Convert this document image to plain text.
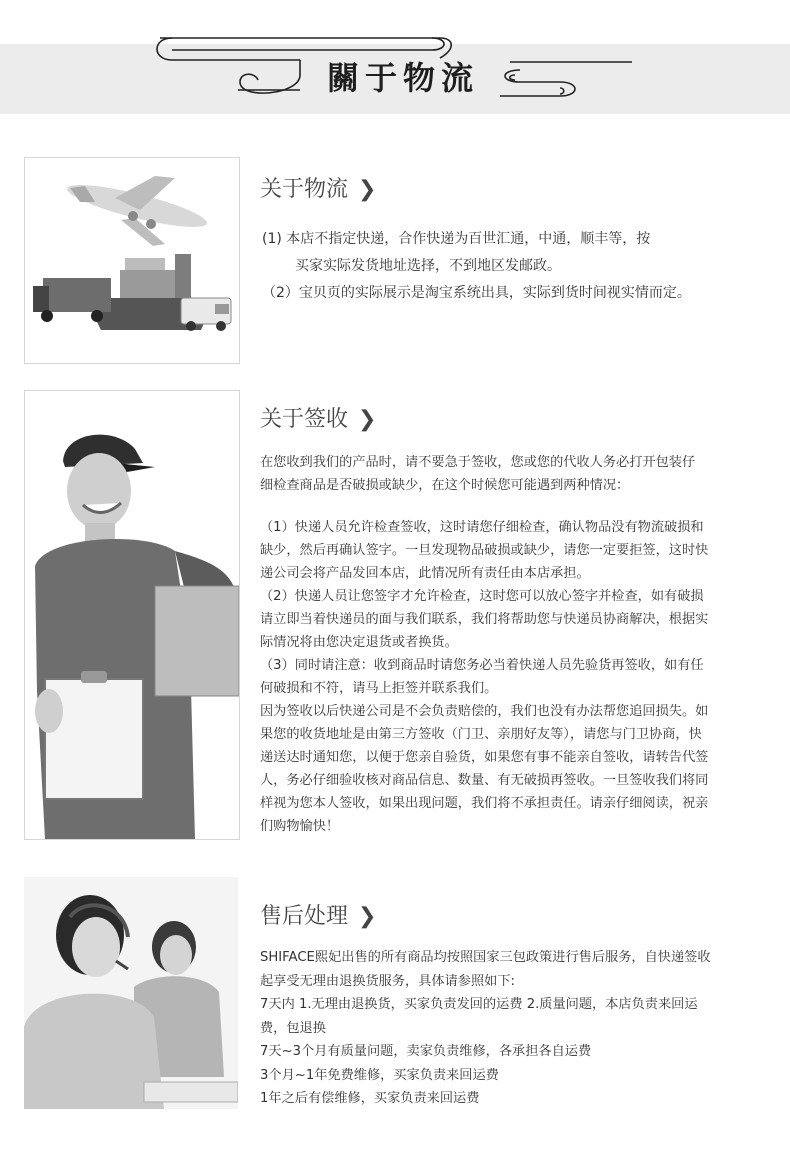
關于物流
关于物流 ❯

(1) 本店不指定快递，合作快递为百世汇通，中通，顺丰等，按

买家实际发货地址选择，不到地区发邮政。

（2）宝贝页的实际展示是淘宝系统出具，实际到货时间视实情而定。

关于签收 ❯

在您收到我们的产品时，请不要急于签收，您或您的代收人务必打开包装仔

细检查商品是否破损或缺少，在这个时候您可能遇到两种情况：

（1）快递人员允许检查签收，这时请您仔细检查，确认物品没有物流破损和

缺少，然后再确认签字。一旦发现物品破损或缺少，请您一定要拒签，这时快

递公司会将产品发回本店，此情况所有责任由本店承担。

（2）快递人员让您签字才允许检查，这时您可以放心签字并检查，如有破损

请立即当着快递员的面与我们联系，我们将帮助您与快递员协商解决，根据实

际情况将由您决定退货或者换货。

（3）同时请注意：收到商品时请您务必当着快递人员先验货再签收，如有任

何破损和不符，请马上拒签并联系我们。

因为签收以后快递公司是不会负责赔偿的，我们也没有办法帮您追回损失。如

果您的收货地址是由第三方签收（门卫、亲朋好友等），请您与门卫协商，快

递送达时通知您，以便于您亲自验货，如果您有事不能亲自签收，请转告代签

人，务必仔细验收核对商品信息、数量、有无破损再签收。一旦签收我们将同

样视为您本人签收，如果出现问题，我们将不承担责任。请亲仔细阅读，祝亲

们购物愉快！

售后处理 ❯

SHIFACE熙妃出售的所有商品均按照国家三包政策进行售后服务，自快递签收

起享受无理由退换货服务，具体请参照如下:

7天内 1.无理由退换货，买家负责发回的运费 2.质量问题，本店负责来回运

费，包退换

7天~3个月有质量问题，卖家负责维修，各承担各自运费

3个月~1年免费维修，买家负责来回运费

1年之后有偿维修，买家负责来回运费
